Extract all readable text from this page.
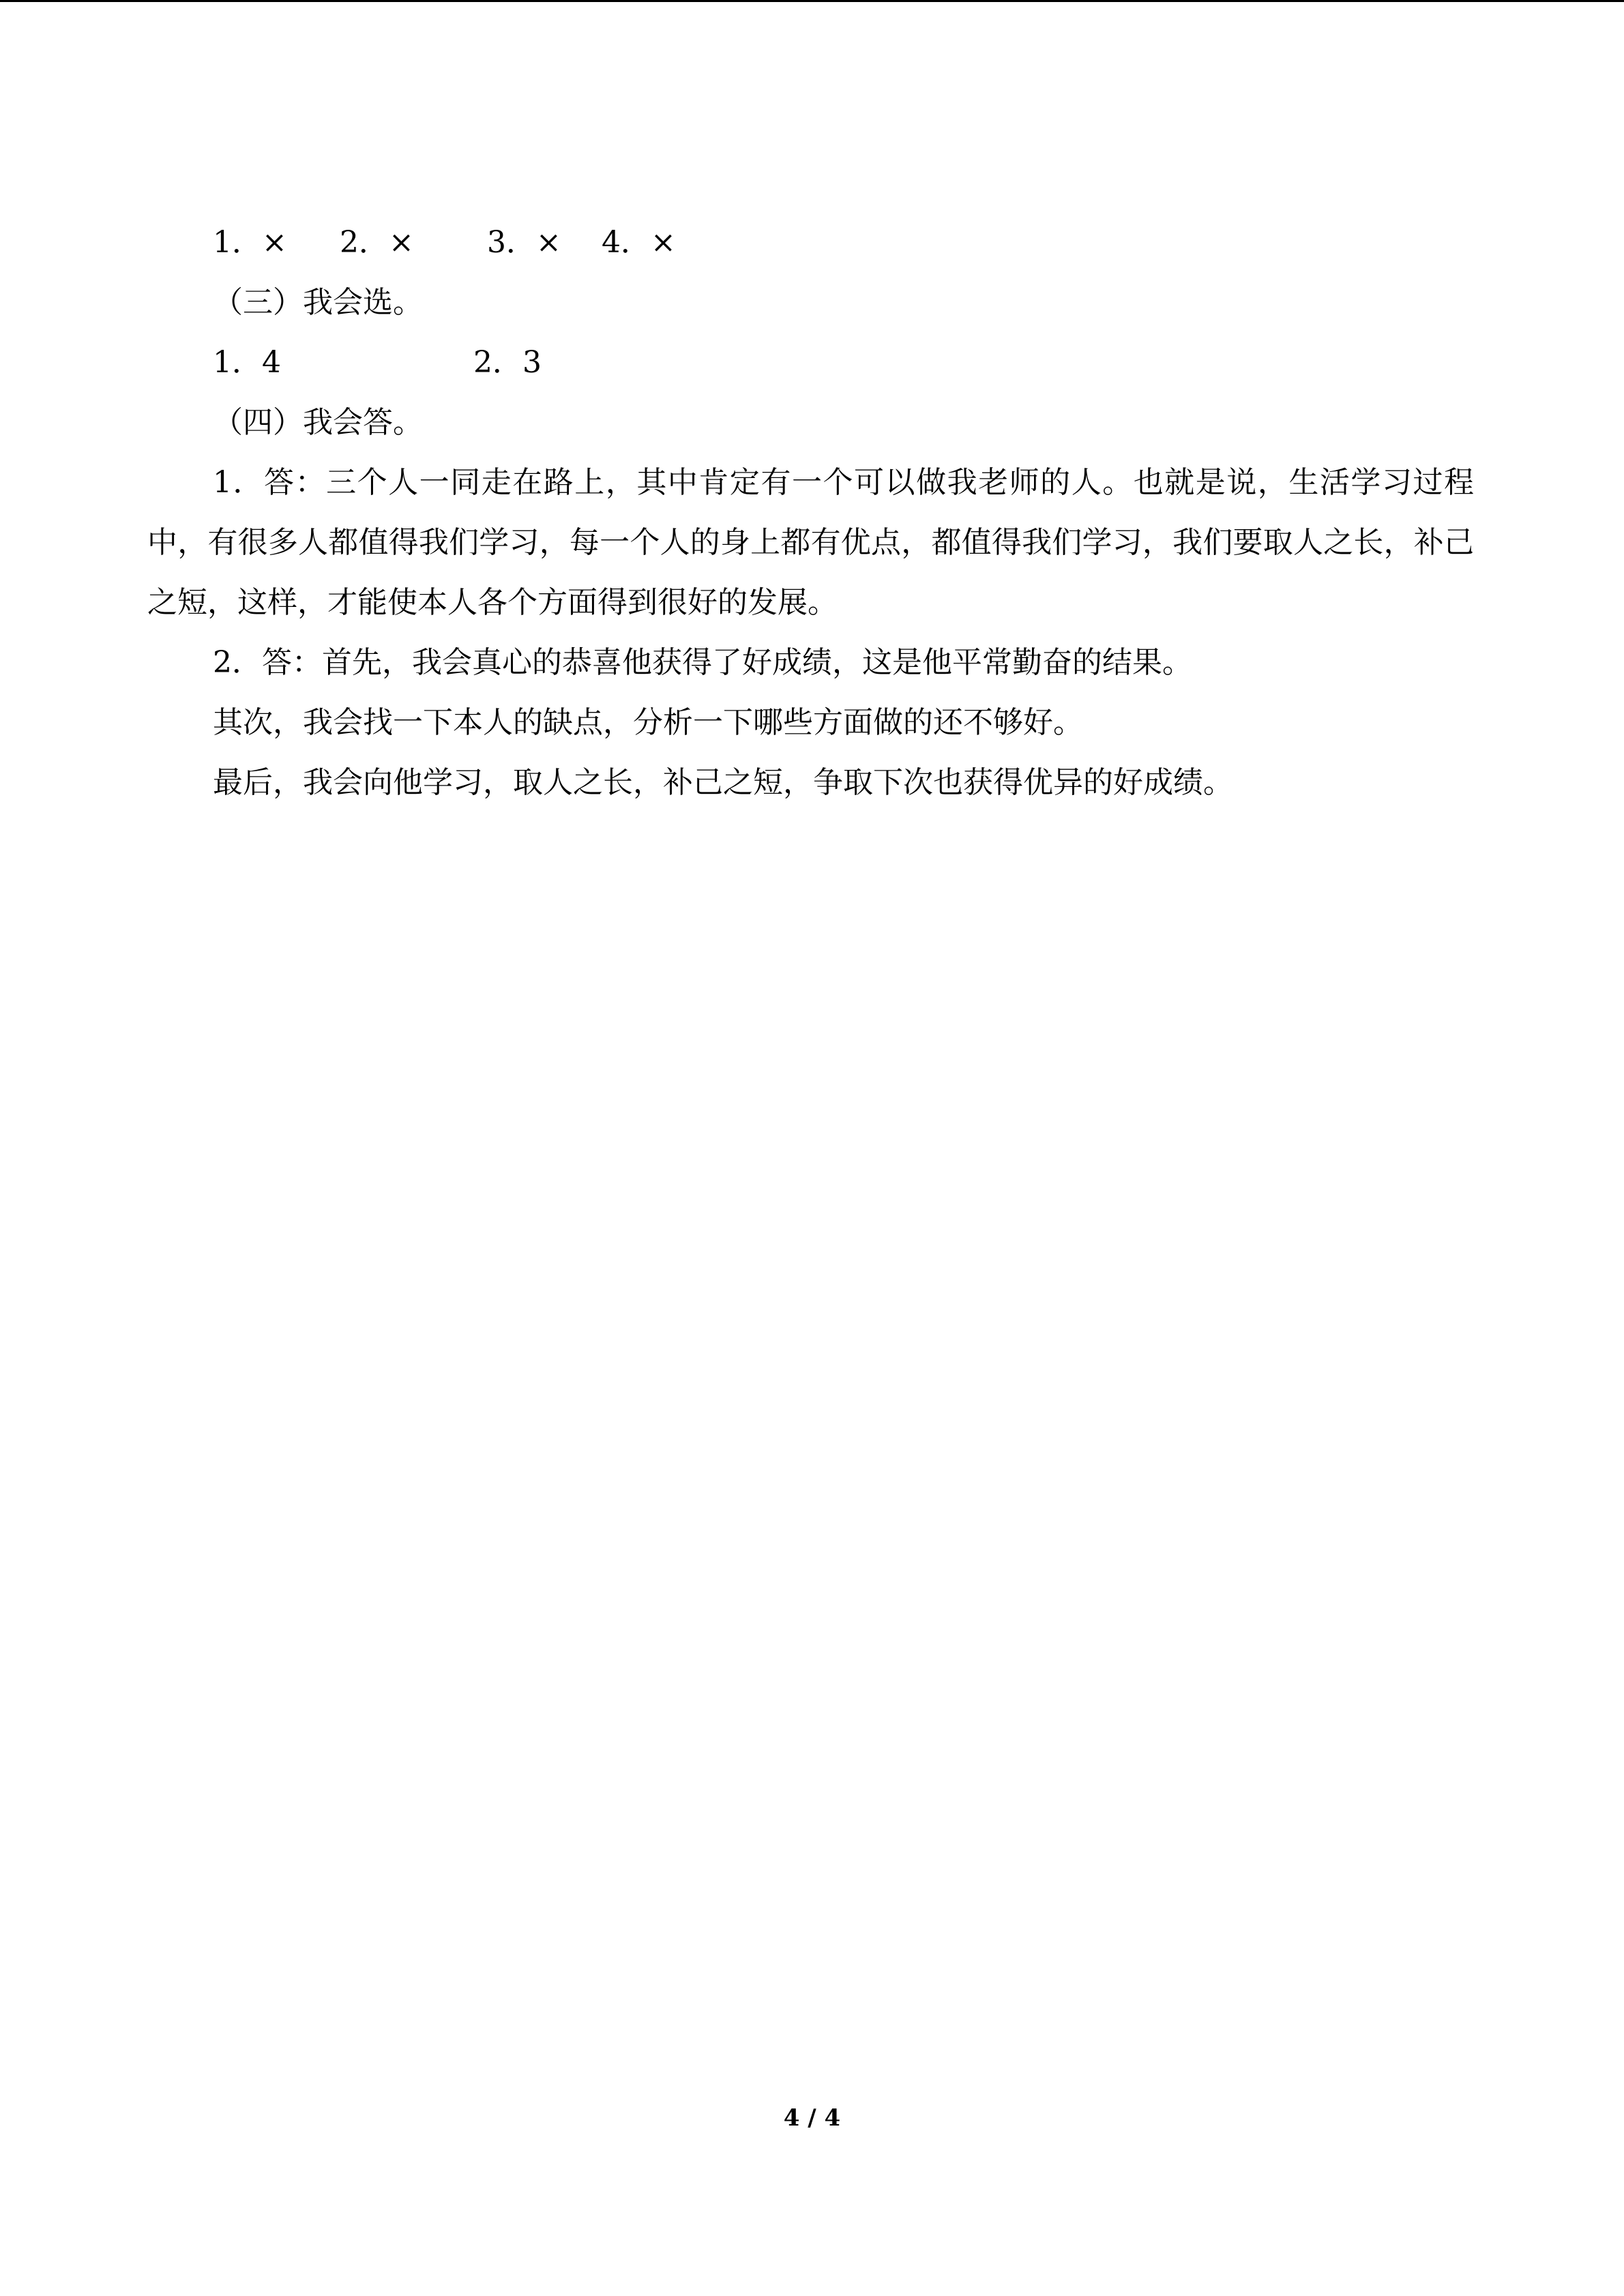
1．× 2．× 3．× 4．×
（三）我会选。
1．4	2．3
（四）我会答。
1．答：三个人一同走在路上，其中肯定有一个可以做我老师的人。也就是说，生活学习过程中，有很多人都值得我们学习，每一个人的身上都有优点，都值得我们学习，我们要取人之长，补己之短，这样，才能使本人各个方面得到很好的发展。
2．答：首先，我会真心的恭喜他获得了好成绩，这是他平常勤奋的结果。
其次，我会找一下本人的缺点，分析一下哪些方面做的还不够好。
最后，我会向他学习，取人之长，补己之短，争取下次也获得优异的好成绩。
4 / 4
